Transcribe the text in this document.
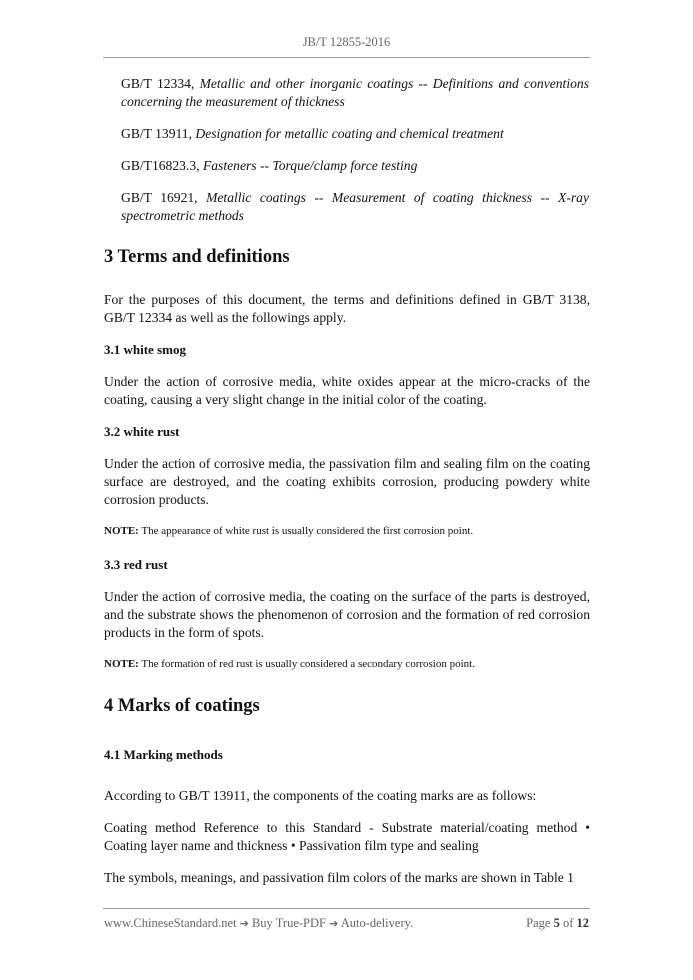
JB/T 12855-2016
GB/T 12334, Metallic and other inorganic coatings -- Definitions and conventions concerning the measurement of thickness
GB/T 13911, Designation for metallic coating and chemical treatment
GB/T16823.3, Fasteners -- Torque/clamp force testing
GB/T 16921, Metallic coatings -- Measurement of coating thickness -- X-ray spectrometric methods
3 Terms and definitions
For the purposes of this document, the terms and definitions defined in GB/T 3138, GB/T 12334 as well as the followings apply.
3.1 white smog
Under the action of corrosive media, white oxides appear at the micro-cracks of the coating, causing a very slight change in the initial color of the coating.
3.2 white rust
Under the action of corrosive media, the passivation film and sealing film on the coating surface are destroyed, and the coating exhibits corrosion, producing powdery white corrosion products.
NOTE: The appearance of white rust is usually considered the first corrosion point.
3.3 red rust
Under the action of corrosive media, the coating on the surface of the parts is destroyed, and the substrate shows the phenomenon of corrosion and the formation of red corrosion products in the form of spots.
NOTE: The formation of red rust is usually considered a secondary corrosion point.
4 Marks of coatings
4.1 Marking methods
According to GB/T 13911, the components of the coating marks are as follows:
Coating method Reference to this Standard - Substrate material/coating method • Coating layer name and thickness • Passivation film type and sealing
The symbols, meanings, and passivation film colors of the marks are shown in Table 1
www.ChineseStandard.net ➔ Buy True-PDF ➔ Auto-delivery.	Page 5 of 12
